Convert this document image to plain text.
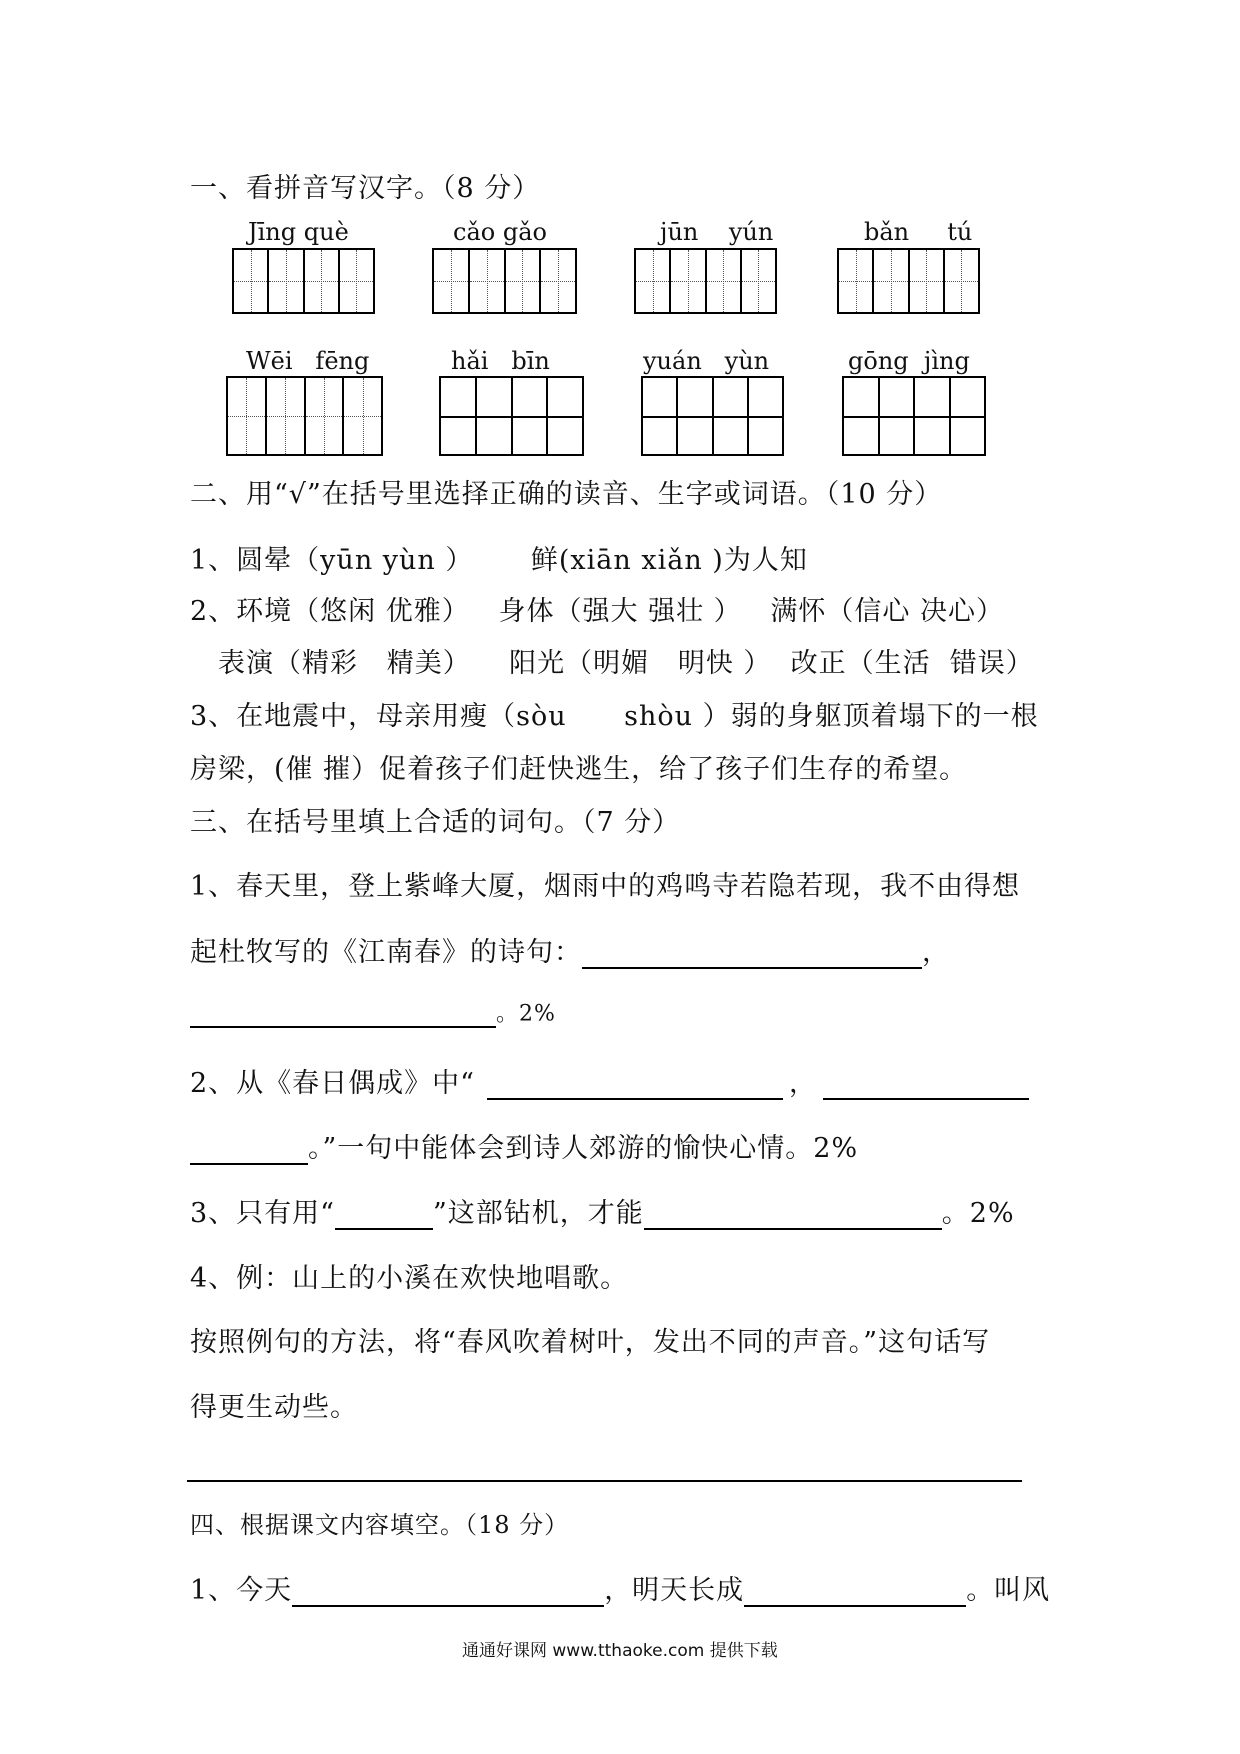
一、看拼音写汉字。（8 分）
Jīng què	cǎo gǎo	jūn    yún	bǎn     tú
Wēi   fēng	hǎi   bīn	yuán   yùn	gōng  jìng
二、用“√”在括号里选择正确的读音、生字或词语。（10 分）
1、圆晕（yūn yùn ）      鲜(xiān xiǎn )为人知
2、环境（悠闲 优雅）   身体（强大 强壮 ）   满怀（信心 决心）
表演（精彩   精美）    阳光（明媚   明快 ）  改正（生活  错误）
3、在地震中，母亲用瘦（sòu      shòu ）弱的身躯顶着塌下的一根
房梁，(催 摧）促着孩子们赶快逃生，给了孩子们生存的希望。
三、在括号里填上合适的词句。（7 分）
1、春天里，登上紫峰大厦，烟雨中的鸡鸣寺若隐若现，我不由得想
起杜牧写的《江南春》的诗句：	，
。2%
2、从《春日偶成》中“	，
。”一句中能体会到诗人郊游的愉快心情。2%
3、只有用“	”这部钻机，才能	。2%
4、例：山上的小溪在欢快地唱歌。
按照例句的方法，将“春风吹着树叶，发出不同的声音。”这句话写
得更生动些。
四、根据课文内容填空。（18 分）
1、今天	，明天长成	。叫风
通通好课网 www.tthaoke.com 提供下载
